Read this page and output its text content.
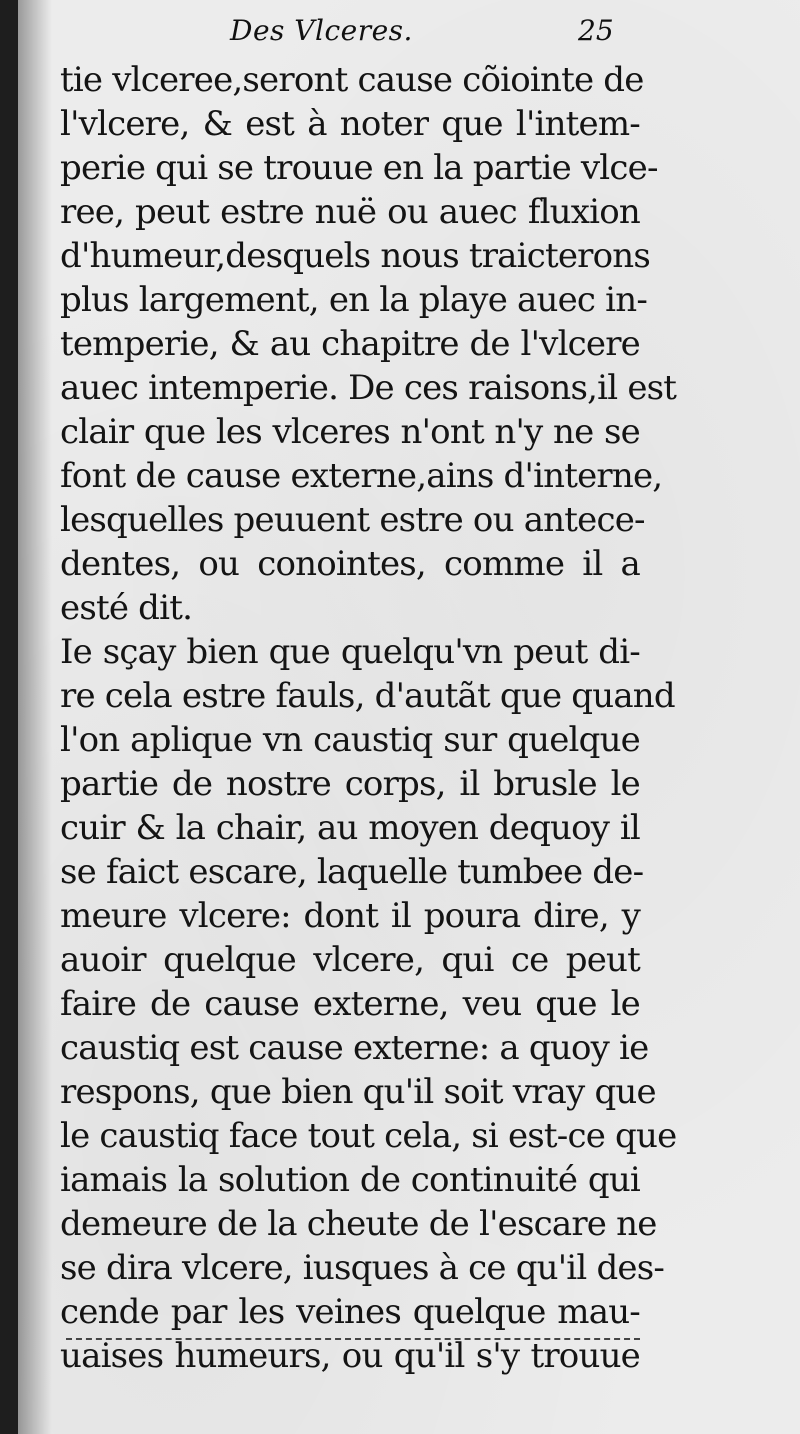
Des Vlceres.	25
tie vlceree,seront cause cõiointe de
l'vlcere, & est à noter que l'intem-
perie qui se trouue en la partie vlce-
ree, peut estre nuë ou auec fluxion
d'humeur,desquels nous traicterons
plus largement, en la playe auec in-
temperie, & au chapitre de l'vlcere
auec intemperie. De ces raisons,il est
clair que les vlceres n'ont n'y ne se
font de cause externe,ains d'interne,
lesquelles peuuent estre ou antece-
dentes, ou conointes, comme il a
esté dit.
Ie sçay bien que quelqu'vn peut di-
re cela estre fauls, d'autãt que quand
l'on aplique vn caustiq sur quelque
partie de nostre corps, il brusle le
cuir & la chair, au moyen dequoy il
se faict escare, laquelle tumbee de-
meure vlcere: dont il poura dire, y
auoir quelque vlcere, qui ce peut
faire de cause externe, veu que le
caustiq est cause externe: a quoy ie
respons, que bien qu'il soit vray que
le caustiq face tout cela, si est-ce que
iamais la solution de continuité qui
demeure de la cheute de l'escare ne
se dira vlcere, iusques à ce qu'il des-
cende par les veines quelque mau-
uaises humeurs, ou qu'il s'y trouue
